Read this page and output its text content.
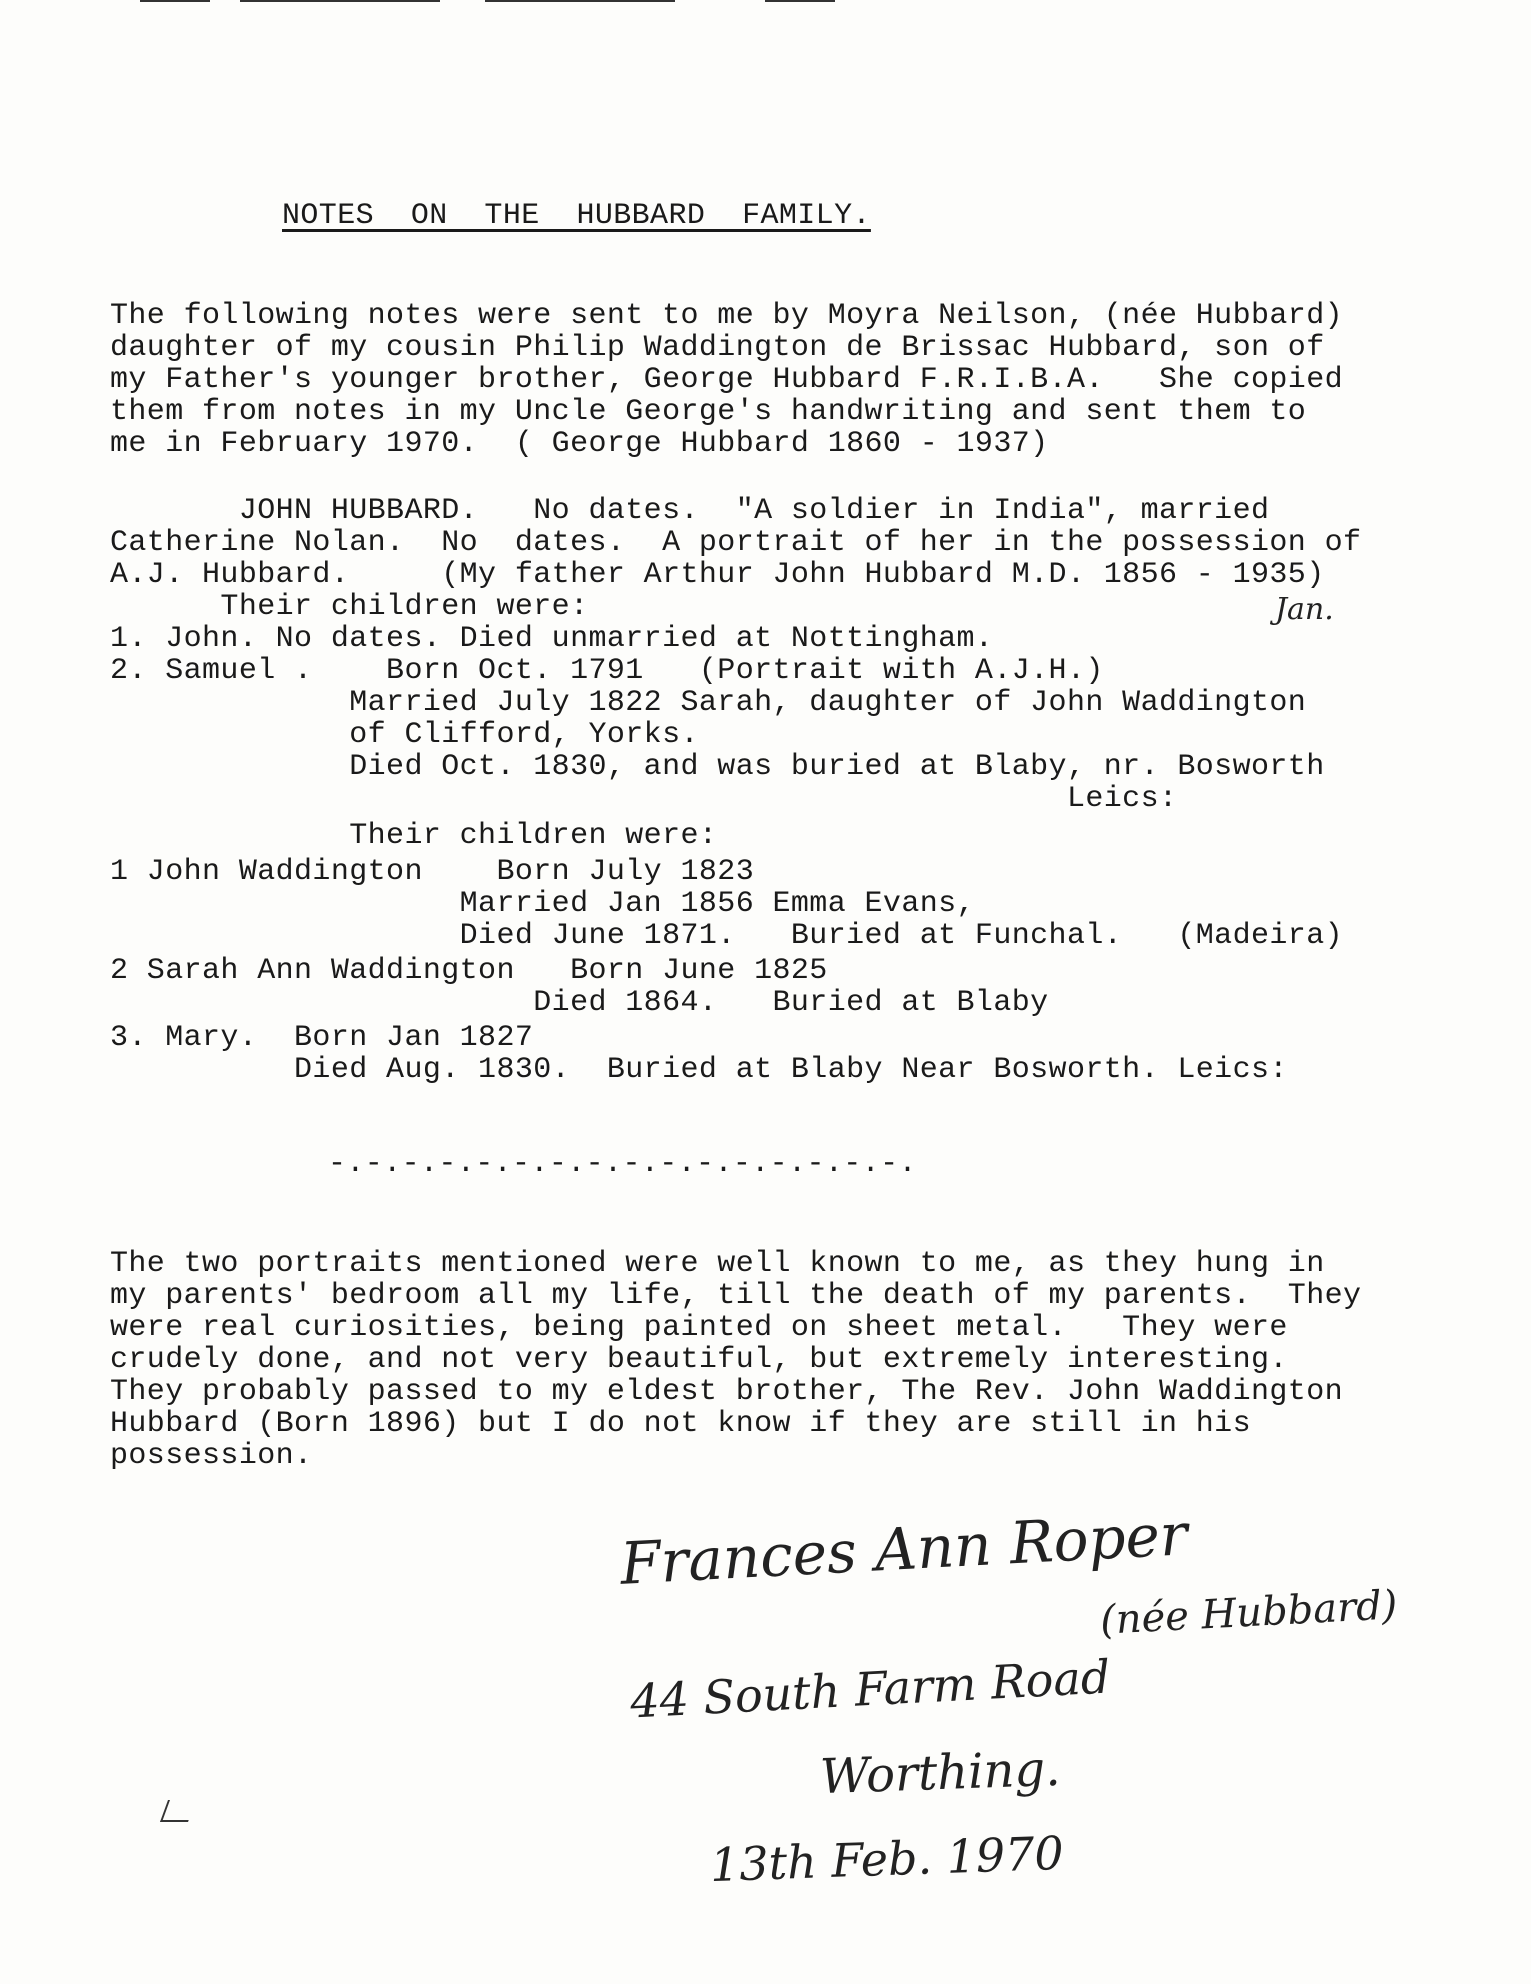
NOTES  ON  THE  HUBBARD  FAMILY.
The following notes were sent to me by Moyra Neilson, (née Hubbard)
daughter of my cousin Philip Waddington de Brissac Hubbard, son of
my Father's younger brother, George Hubbard F.R.I.B.A.   She copied
them from notes in my Uncle George's handwriting and sent them to
me in February 1970.  ( George Hubbard 1860 - 1937)
JOHN HUBBARD.   No dates.  "A soldier in India", married
Catherine Nolan.  No  dates.  A portrait of her in the possession of
A.J. Hubbard.     (My father Arthur John Hubbard M.D. 1856 - 1935)
Their children were:	Jan.
1. John. No dates. Died unmarried at Nottingham.
2. Samuel .    Born Oct. 1791   (Portrait with A.J.H.)
Married July 1822 Sarah, daughter of John Waddington
of Clifford, Yorks.
Died Oct. 1830, and was buried at Blaby, nr. Bosworth
Leics:
Their children were:
1 John Waddington    Born July 1823
Married Jan 1856 Emma Evans,
Died June 1871.   Buried at Funchal.   (Madeira)
2 Sarah Ann Waddington   Born June 1825
Died 1864.   Buried at Blaby
3. Mary.  Born Jan 1827
Died Aug. 1830.  Buried at Blaby Near Bosworth. Leics:
-.-.-.-.-.-.-.-.-.-.-.-.-.-.-.-.
The two portraits mentioned were well known to me, as they hung in
my parents' bedroom all my life, till the death of my parents.  They
were real curiosities, being painted on sheet metal.   They were
crudely done, and not very beautiful, but extremely interesting.
They probably passed to my eldest brother, The Rev. John Waddington
Hubbard (Born 1896) but I do not know if they are still in his
possession.
Frances Ann Roper
(née Hubbard)
44 South Farm Road
Worthing.
13th Feb. 1970
